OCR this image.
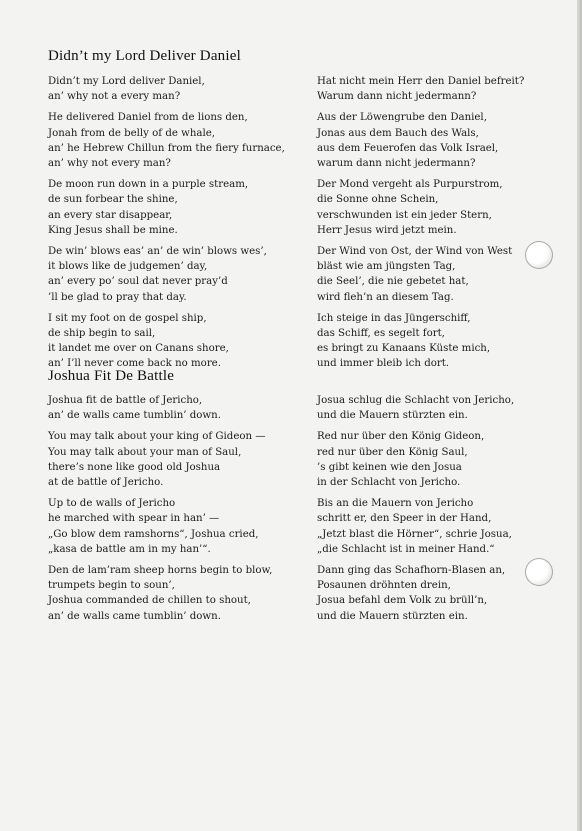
Didn’t my Lord Deliver Daniel
Didn’t my Lord deliver Daniel,
an’ why not a every man?
He delivered Daniel from de lions den,
Jonah from de belly of de whale,
an’ he Hebrew Chillun from the fiery furnace,
an’ why not every man?
De moon run down in a purple stream,
de sun forbear the shine,
an every star disappear,
King Jesus shall be mine.
De win’ blows eas’ an’ de win’ blows wes’,
it blows like de judgemen’ day,
an’ every po’ soul dat never pray’d
’ll be glad to pray that day.
I sit my foot on de gospel ship,
de ship begin to sail,
it landet me over on Canans shore,
an’ I’ll never come back no more.
Hat nicht mein Herr den Daniel befreit?
Warum dann nicht jedermann?
Aus der Löwengrube den Daniel,
Jonas aus dem Bauch des Wals,
aus dem Feuerofen das Volk Israel,
warum dann nicht jedermann?
Der Mond vergeht als Purpurstrom,
die Sonne ohne Schein,
verschwunden ist ein jeder Stern,
Herr Jesus wird jetzt mein.
Der Wind von Ost, der Wind von West
bläst wie am jüngsten Tag,
die Seel’, die nie gebetet hat,
wird fleh’n an diesem Tag.
Ich steige in das Jüngerschiff,
das Schiff, es segelt fort,
es bringt zu Kanaans Küste mich,
und immer bleib ich dort.
Joshua Fit De Battle
Joshua fit de battle of Jerichо,
an’ de walls came tumblin’ down.
You may talk about your king of Gideon —
You may talk about your man of Saul,
there’s none like good old Joshua
at de battle of Jericho.
Up to de walls of Jericho
he marched with spear in han’ —
„Go blow dem ramshorns“, Joshua cried,
„kasa de battle am in my han’“.
Den de lam’ram sheep horns begin to blow,
trumpets begin to soun’,
Joshua commanded de chillen to shout,
an’ de walls came tumblin’ down.
Josua schlug die Schlacht von Jericho,
und die Mauern stürzten ein.
Red nur über den König Gideon,
red nur über den König Saul,
’s gibt keinen wie den Josua
in der Schlacht von Jericho.
Bis an die Mauern von Jericho
schritt er, den Speer in der Hand,
„Jetzt blast die Hörner“, schrie Josua,
„die Schlacht ist in meiner Hand.“
Dann ging das Schafhorn-Blasen an,
Posaunen dröhnten drein,
Josua befahl dem Volk zu brüll’n,
und die Mauern stürzten ein.
